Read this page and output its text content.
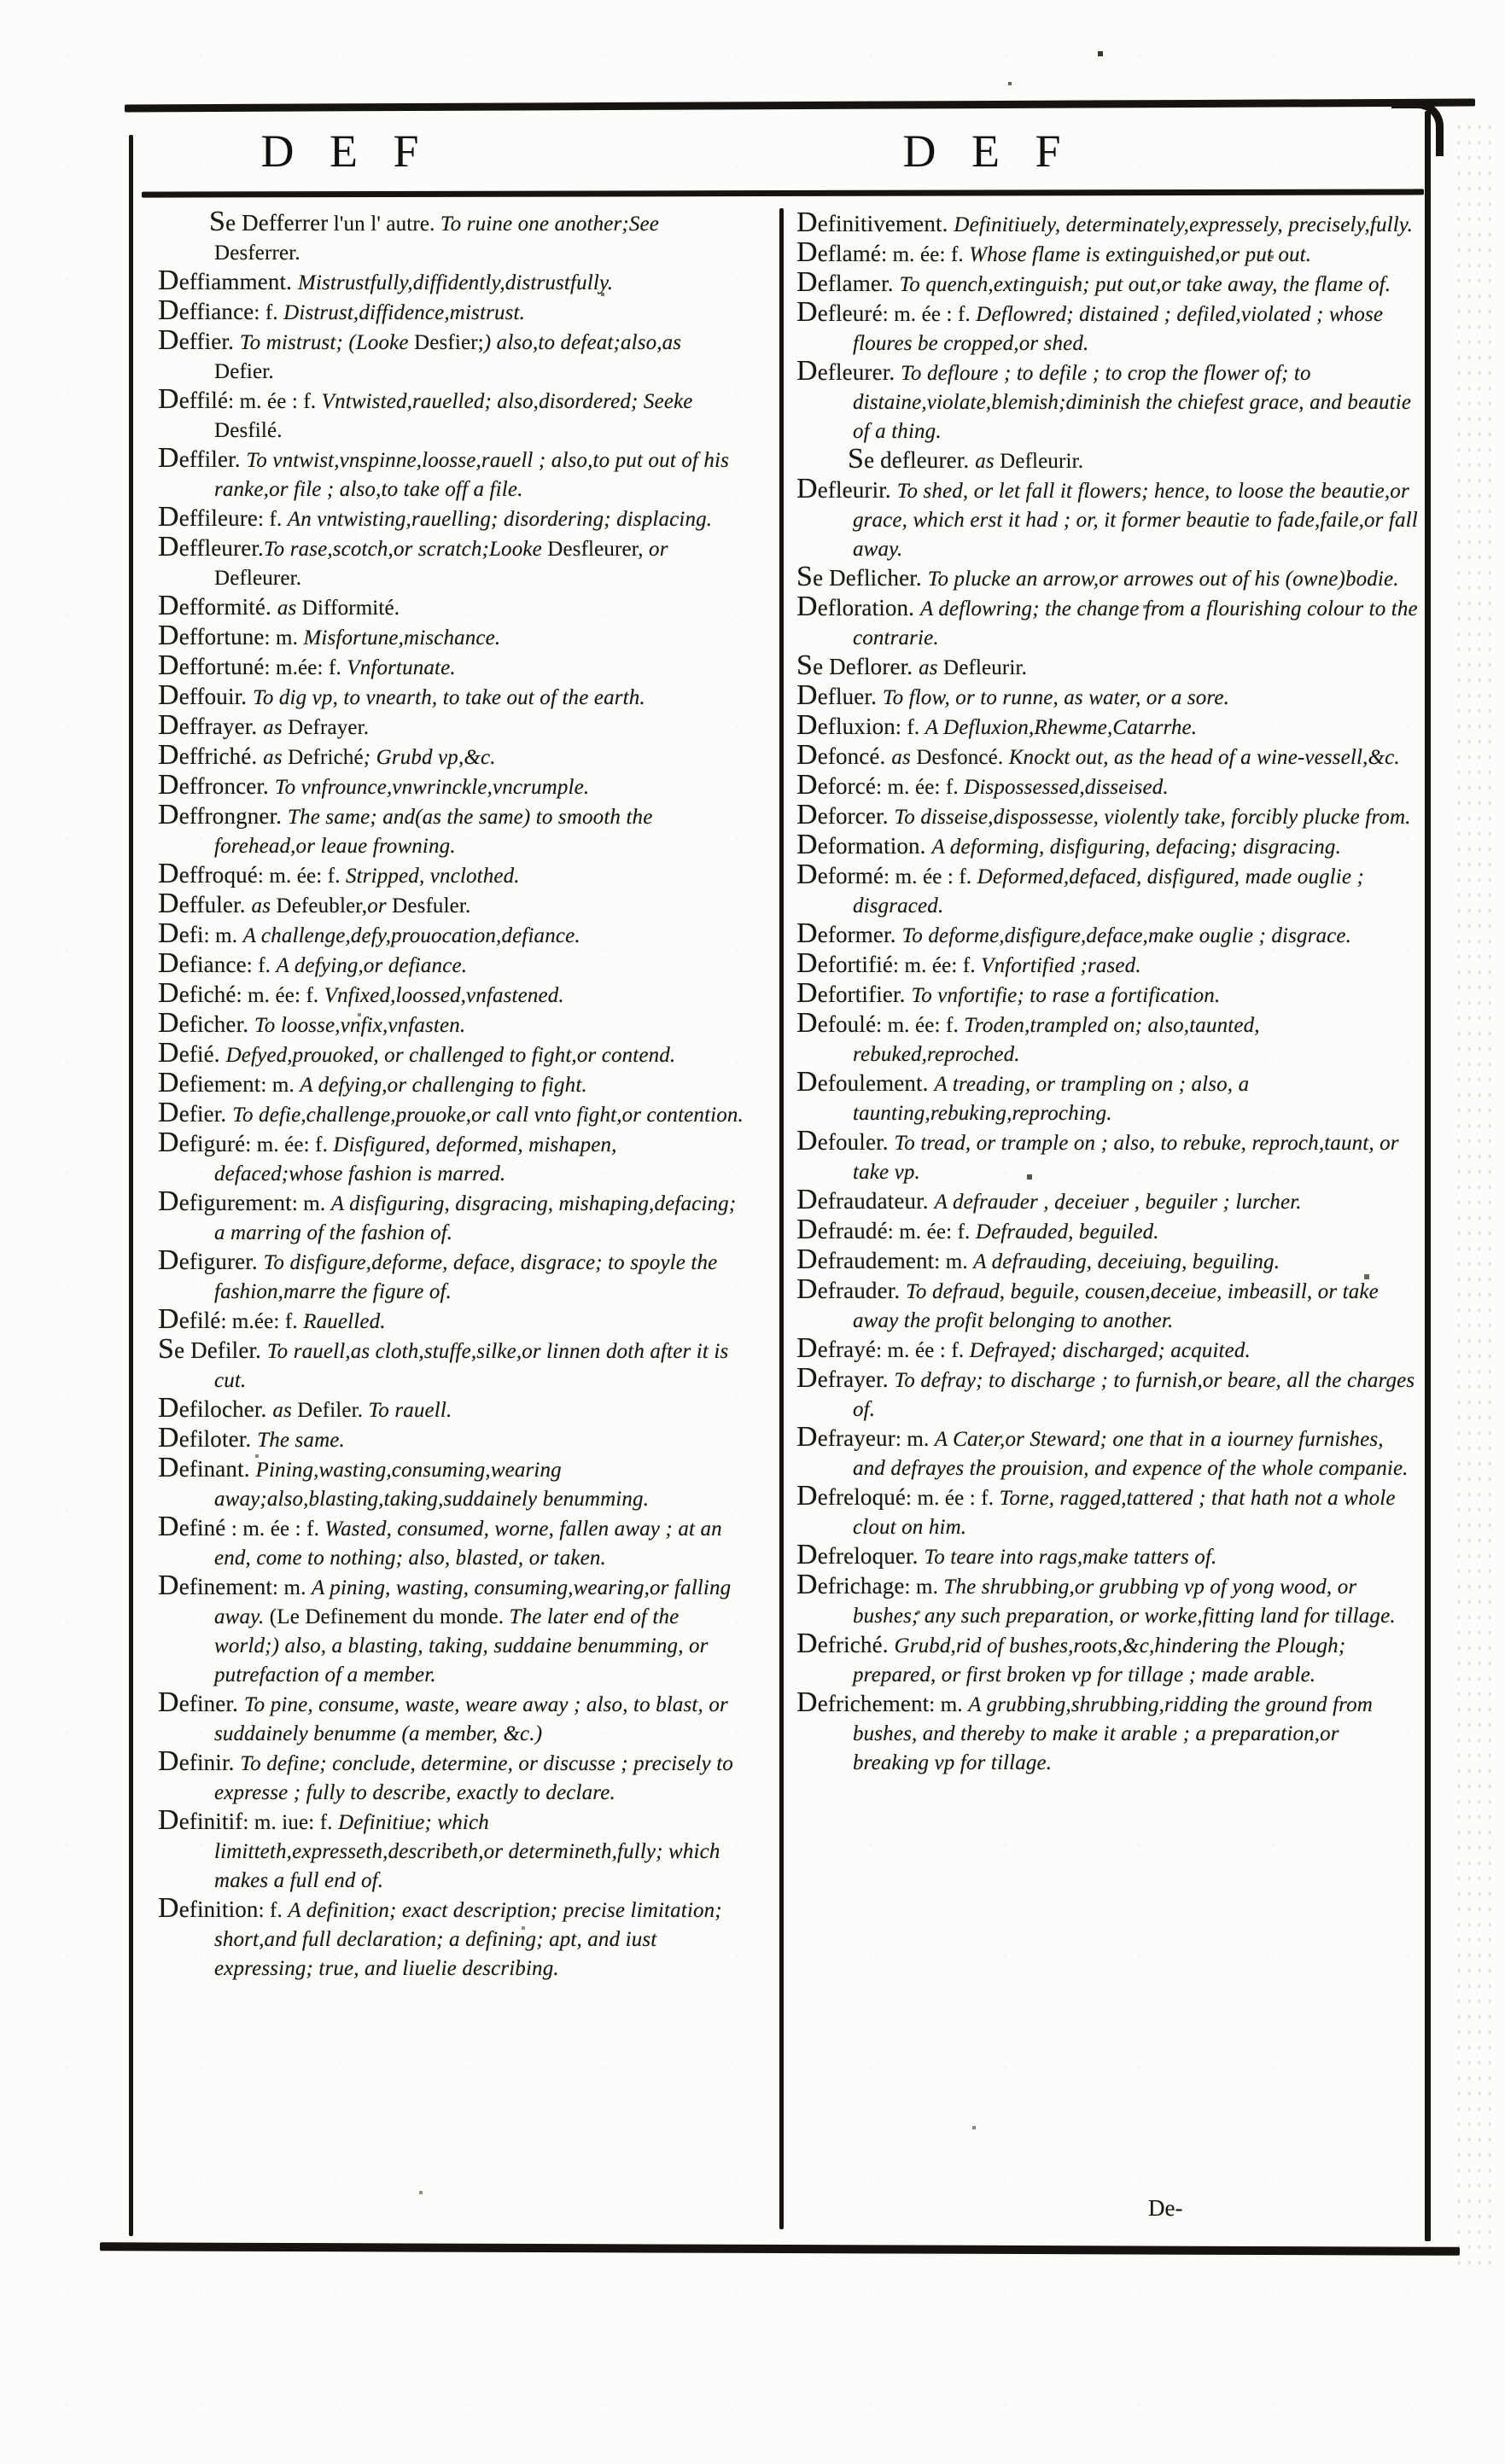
D E F	D E F
Se Defferrer l'un l' autre. To ruine one another;See Desferrer.
Deffiamment. Mistrustfully,diffidently,distrustfully.
Deffiance: f. Distrust,diffidence,mistrust.
Deffier. To mistrust; (Looke Desfier;) also,to defeat;also,as Defier.
Deffilé: m. ée : f. Vntwisted,rauelled; also,disordered; Seeke Desfilé.
Deffiler. To vntwist,vnspinne,loosse,rauell ; also,to put out of his ranke,or file ; also,to take off a file.
Deffileure: f. An vntwisting,rauelling; disordering; displacing.
Deffleurer.To rase,scotch,or scratch;Looke Desfleurer, or Defleurer.
Defformité. as Difformité.
Deffortune: m. Misfortune,mischance.
Deffortuné: m.ée: f. Vnfortunate.
Deffouir. To dig vp, to vnearth, to take out of the earth.
Deffrayer. as Defrayer.
Deffriché. as Defriché; Grubd vp,&c.
Deffroncer. To vnfrounce,vnwrinckle,vncrumple.
Deffrongner. The same; and(as the same) to smooth the forehead,or leaue frowning.
Deffroqué: m. ée: f. Stripped, vnclothed.
Deffuler. as Defeubler,or Desfuler.
Defi: m. A challenge,defy,prouocation,defiance.
Defiance: f. A defying,or defiance.
Defiché: m. ée: f. Vnfixed,loossed,vnfastened.
Deficher. To loosse,vnfix,vnfasten.
Defié. Defyed,prouoked, or challenged to fight,or contend.
Defiement: m. A defying,or challenging to fight.
Defier. To defie,challenge,prouoke,or call vnto fight,or contention.
Defiguré: m. ée: f. Disfigured, deformed, mishapen, defaced;whose fashion is marred.
Defigurement: m. A disfiguring, disgracing, mishaping,defacing; a marring of the fashion of.
Defigurer. To disfigure,deforme, deface, disgrace; to spoyle the fashion,marre the figure of.
Defilé: m.ée: f. Rauelled.
Se Defiler. To rauell,as cloth,stuffe,silke,or linnen doth after it is cut.
Defilocher. as Defiler. To rauell.
Defiloter. The same.
Definant. Pining,wasting,consuming,wearing away;also,blasting,taking,suddainely benumming.
Definé : m. ée : f. Wasted, consumed, worne, fallen away ; at an end, come to nothing; also, blasted, or taken.
Definement: m. A pining, wasting, consuming,wearing,or falling away. (Le Definement du monde. The later end of the world;) also, a blasting, taking, suddaine benumming, or putrefaction of a member.
Definer. To pine, consume, waste, weare away ; also, to blast, or suddainely benumme (a member, &c.)
Definir. To define; conclude, determine, or discusse ; precisely to expresse ; fully to describe, exactly to declare.
Definitif: m. iue: f. Definitiue; which limitteth,expresseth,describeth,or determineth,fully; which makes a full end of.
Definition: f. A definition; exact description; precise limitation; short,and full declaration; a defining; apt, and iust expressing; true, and liuelie describing.
Definitivement. Definitiuely, determinately,expressely, precisely,fully.
Deflamé: m. ée: f. Whose flame is extinguished,or put out.
Deflamer. To quench,extinguish; put out,or take away, the flame of.
Defleuré: m. ée : f. Deflowred; distained ; defiled,violated ; whose floures be cropped,or shed.
Defleurer. To defloure ; to defile ; to crop the flower of; to distaine,violate,blemish;diminish the chiefest grace, and beautie of a thing.
Se defleurer. as Defleurir.
Defleurir. To shed, or let fall it flowers; hence, to loose the beautie,or grace, which erst it had ; or, it former beautie to fade,faile,or fall away.
Se Deflicher. To plucke an arrow,or arrowes out of his (owne)bodie.
Defloration. A deflowring; the change from a flourishing colour to the contrarie.
Se Deflorer. as Defleurir.
Defluer. To flow, or to runne, as water, or a sore.
Defluxion: f. A Defluxion,Rhewme,Catarrhe.
Defoncé. as Desfoncé. Knockt out, as the head of a wine-vessell,&c.
Deforcé: m. ée: f. Dispossessed,disseised.
Deforcer. To disseise,dispossesse, violently take, forcibly plucke from.
Deformation. A deforming, disfiguring, defacing; disgracing.
Deformé: m. ée : f. Deformed,defaced, disfigured, made ouglie ; disgraced.
Deformer. To deforme,disfigure,deface,make ouglie ; disgrace.
Defortifié: m. ée: f. Vnfortified ;rased.
Defortifier. To vnfortifie; to rase a fortification.
Defoulé: m. ée: f. Troden,trampled on; also,taunted, rebuked,reproched.
Defoulement. A treading, or trampling on ; also, a taunting,rebuking,reproching.
Defouler. To tread, or trample on ; also, to rebuke, reproch,taunt, or take vp.
Defraudateur. A defrauder , deceiuer , beguiler ; lurcher.
Defraudé: m. ée: f. Defrauded, beguiled.
Defraudement: m. A defrauding, deceiuing, beguiling.
Defrauder. To defraud, beguile, cousen,deceiue, imbeasill, or take away the profit belonging to another.
Defrayé: m. ée : f. Defrayed; discharged; acquited.
Defrayer. To defray; to discharge ; to furnish,or beare, all the charges of.
Defrayeur: m. A Cater,or Steward; one that in a iourney furnishes, and defrayes the prouision, and expence of the whole companie.
Defreloqué: m. ée : f. Torne, ragged,tattered ; that hath not a whole clout on him.
Defreloquer. To teare into rags,make tatters of.
Defrichage: m. The shrubbing,or grubbing vp of yong wood, or bushes; any such preparation, or worke,fitting land for tillage.
Defriché. Grubd,rid of bushes,roots,&c,hindering the Plough; prepared, or first broken vp for tillage ; made arable.
Defrichement: m. A grubbing,shrubbing,ridding the ground from bushes, and thereby to make it arable ; a preparation,or breaking vp for tillage.
De-
